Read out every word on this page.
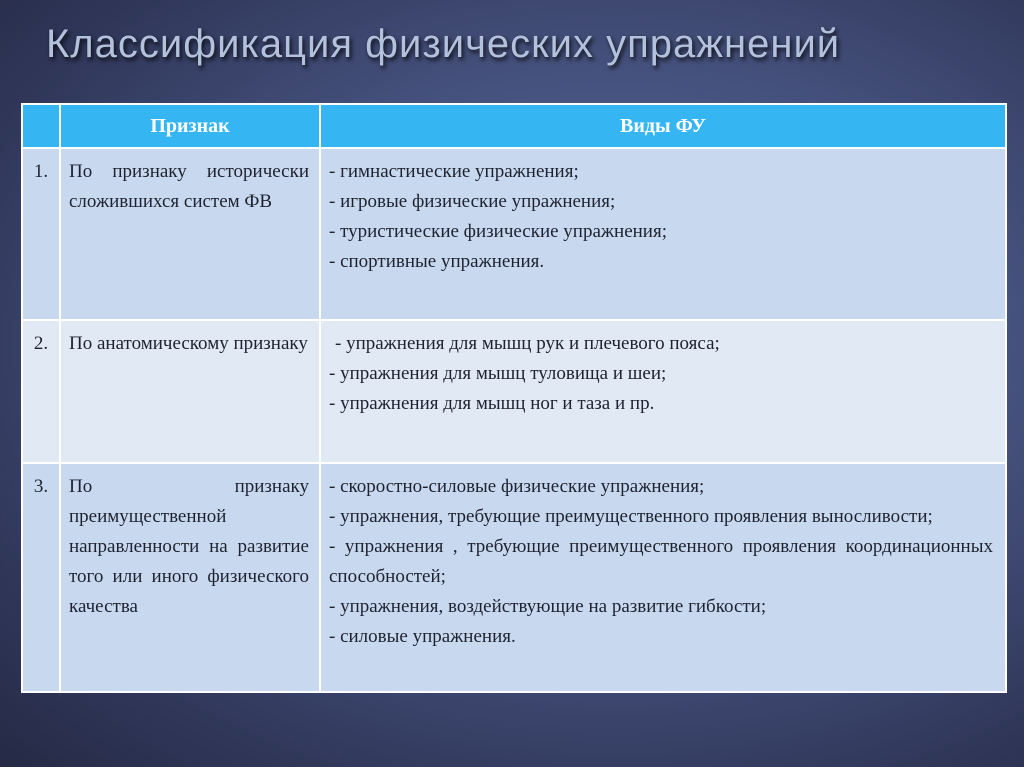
Классификация физических упражнений
	Признак	Виды ФУ
1.	По признаку исторически сложившихся систем ФВ	- гимнастические упражнения;
- игровые физические упражнения;
- туристические физические упражнения;
- спортивные упражнения.

2.	По анатомическому признаку	- упражнения для мышц рук и плечевого пояса;
- упражнения для мышц туловища и шеи;
- упражнения для мышц ног и таза и пр.

3.	По признаку преимущественной направленности на развитие того или иного физического качества	- скоростно-силовые физические упражнения;
- упражнения, требующие преимущественного проявления выносливости;
- упражнения , требующие преимущественного проявления координационных способностей;
- упражнения, воздействующие на развитие гибкости;
- силовые упражнения.
